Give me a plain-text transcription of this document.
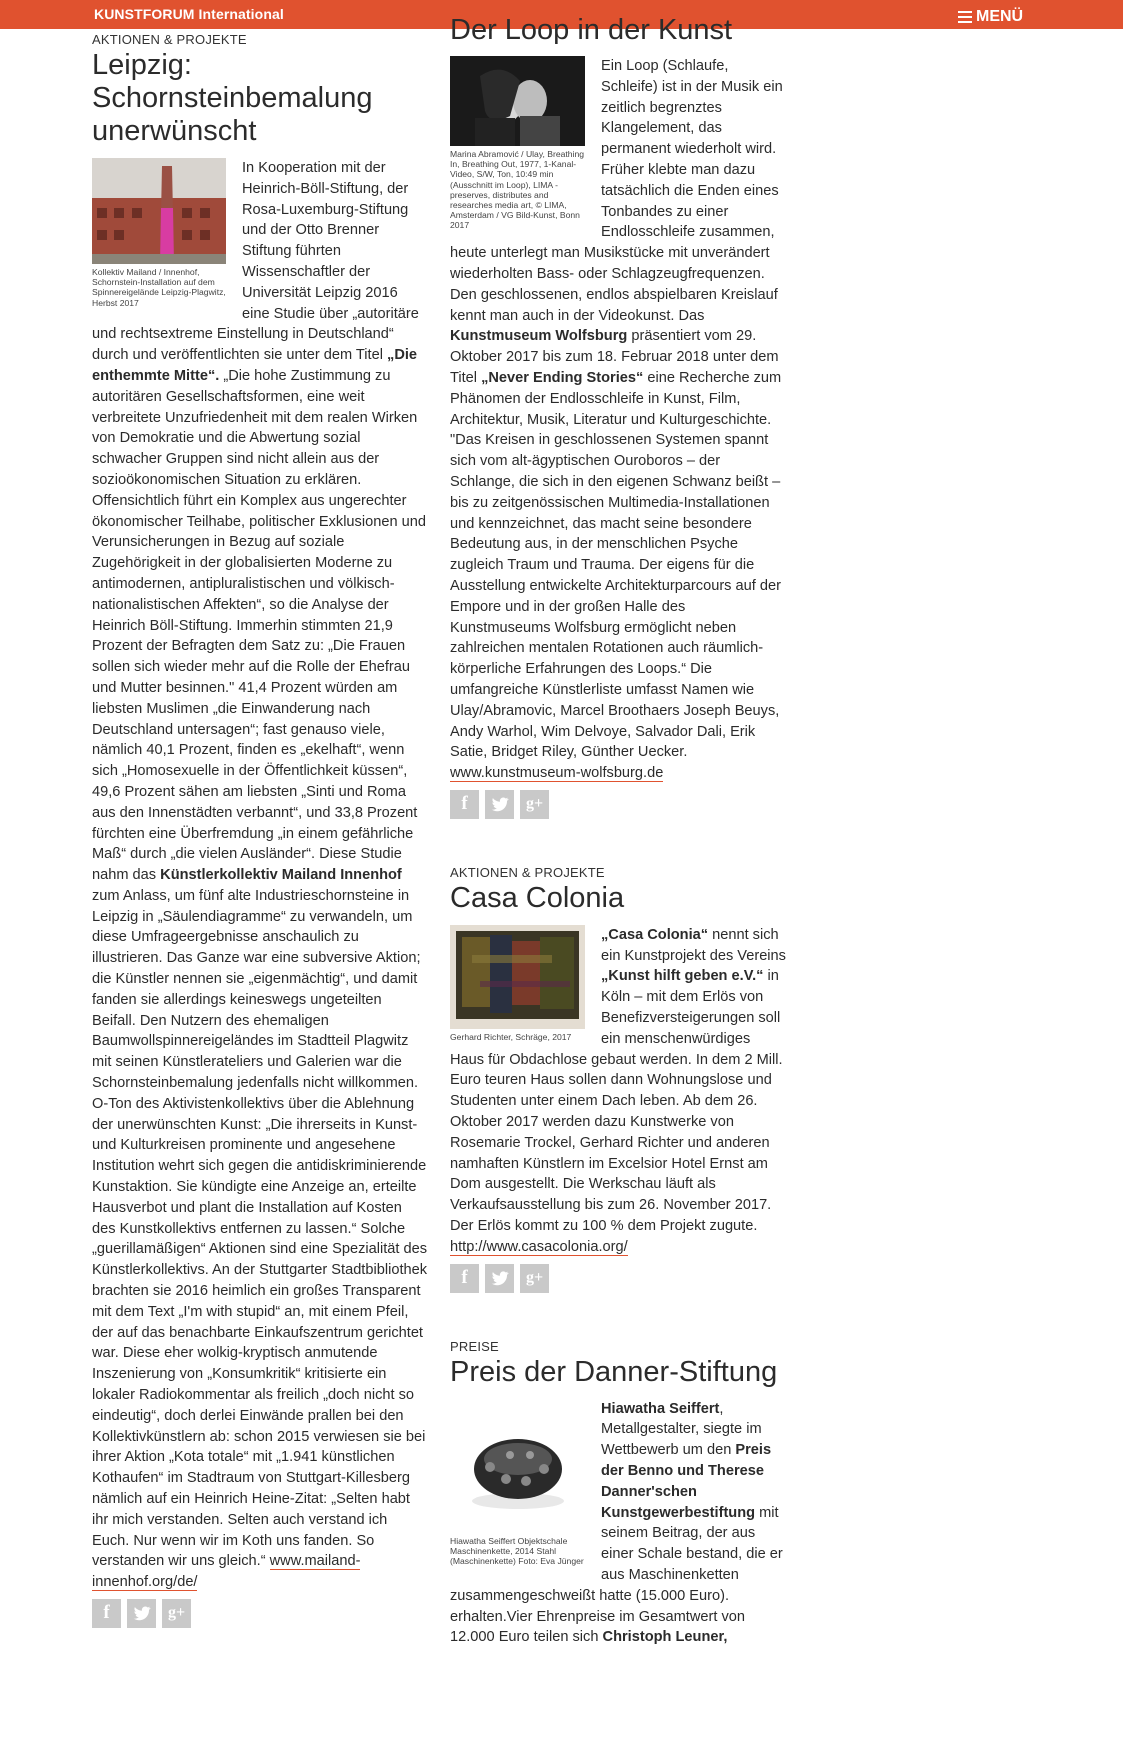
KUNSTFORUM International	MENÜ
AKTIONEN & PROJEKTE
Leipzig: Schornsteinbemalung unerwünscht
Kollektiv Mailand / Innenhof, Schornstein-Installation auf dem Spinnereigelände Leipzig-Plagwitz, Herbst 2017
In Kooperation mit der Heinrich-Böll-Stiftung, der Rosa-Luxemburg-Stiftung und der Otto Brenner Stiftung führten Wissenschaftler der Universität Leipzig 2016 eine Studie über „autoritäre und rechtsextreme Einstellung in Deutschland“ durch und veröffentlichten sie unter dem Titel „Die enthemmte Mitte“. „Die hohe Zustimmung zu autoritären Gesellschaftsformen, eine weit verbreitete Unzufriedenheit mit dem realen Wirken von Demokratie und die Abwertung sozial schwacher Gruppen sind nicht allein aus der sozioökonomischen Situation zu erklären. Offensichtlich führt ein Komplex aus ungerechter ökonomischer Teilhabe, politischer Exklusionen und Verunsicherungen in Bezug auf soziale Zugehörigkeit in der globalisierten Moderne zu antimodernen, antipluralistischen und völkisch-nationalistischen Affekten“, so die Analyse der Heinrich Böll-Stiftung. Immerhin stimmten 21,9 Prozent der Befragten dem Satz zu: „Die Frauen sollen sich wieder mehr auf die Rolle der Ehefrau und Mutter besinnen." 41,4 Prozent würden am liebsten Muslimen „die Einwanderung nach Deutschland untersagen“; fast genauso viele, nämlich 40,1 Prozent, finden es „ekelhaft“, wenn sich „Homosexuelle in der Öffentlichkeit küssen“, 49,6 Prozent sähen am liebsten „Sinti und Roma aus den Innenstädten verbannt“, und 33,8 Prozent fürchten eine Überfremdung „in einem gefährliche Maß“ durch „die vielen Ausländer“. Diese Studie nahm das Künstlerkollektiv Mailand Innenhof zum Anlass, um fünf alte Industrieschornsteine in Leipzig in „Säulendiagramme“ zu verwandeln, um diese Umfrageergebnisse anschaulich zu illustrieren. Das Ganze war eine subversive Aktion; die Künstler nennen sie „eigenmächtig“, und damit fanden sie allerdings keineswegs ungeteilten Beifall. Den Nutzern des ehemaligen Baumwollspinnereigeländes im Stadtteil Plagwitz mit seinen Künstlerateliers und Galerien war die Schornsteinbemalung jedenfalls nicht willkommen. O-Ton des Aktivistenkollektivs über die Ablehnung der unerwünschten Kunst: „Die ihrerseits in Kunst- und Kulturkreisen prominente und angesehene Institution wehrt sich gegen die antidiskriminierende Kunstaktion. Sie kündigte eine Anzeige an, erteilte Hausverbot und plant die Installation auf Kosten des Kunstkollektivs entfernen zu lassen.“ Solche „guerillamäßigen“ Aktionen sind eine Spezialität des Künstlerkollektivs. An der Stuttgarter Stadtbibliothek brachten sie 2016 heimlich ein großes Transparent mit dem Text „I'm with stupid“ an, mit einem Pfeil, der auf das benachbarte Einkaufszentrum gerichtet war. Diese eher wolkig-kryptisch anmutende Inszenierung von „Konsumkritik“ kritisierte ein lokaler Radiokommentar als freilich „doch nicht so eindeutig“, doch derlei Einwände prallen bei den Kollektivkünstlern ab: schon 2015 verwiesen sie bei ihrer Aktion „Kota totale“ mit „1.941 künstlichen Kothaufen“ im Stadtraum von Stuttgart-Killesberg nämlich auf ein Heinrich Heine-Zitat: „Selten habt ihr mich verstanden. Selten auch verstand ich Euch. Nur wenn wir im Koth uns fanden. So verstanden wir uns gleich.“ www.mailand-innenhof.org/de/
f	g+
Der Loop in der Kunst
Marina Abramović / Ulay, Breathing In, Breathing Out, 1977, 1-Kanal-Video, S/W, Ton, 10:49 min (Ausschnitt im Loop), LIMA - preserves, distributes and researches media art, © LIMA, Amsterdam / VG Bild-Kunst, Bonn 2017
Ein Loop (Schlaufe, Schleife) ist in der Musik ein zeitlich begrenztes Klangelement, das permanent wiederholt wird. Früher klebte man dazu tatsächlich die Enden eines Tonbandes zu einer Endlosschleife zusammen, heute unterlegt man Musikstücke mit unverändert wiederholten Bass- oder Schlagzeugfrequenzen. Den geschlossenen, endlos abspielbaren Kreislauf kennt man auch in der Videokunst. Das Kunstmuseum Wolfsburg präsentiert vom 29. Oktober 2017 bis zum 18. Februar 2018 unter dem Titel „Never Ending Stories“ eine Recherche zum Phänomen der Endlosschleife in Kunst, Film, Architektur, Musik, Literatur und Kulturgeschichte. "Das Kreisen in geschlossenen Systemen spannt sich vom alt-ägyptischen Ouroboros – der Schlange, die sich in den eigenen Schwanz beißt – bis zu zeitgenössischen Multimedia-Installationen und kennzeichnet, das macht seine besondere Bedeutung aus, in der menschlichen Psyche zugleich Traum und Trauma. Der eigens für die Ausstellung entwickelte Architekturparcours auf der Empore und in der großen Halle des Kunstmuseums Wolfsburg ermöglicht neben zahlreichen mentalen Rotationen auch räumlich-körperliche Erfahrungen des Loops.“ Die umfangreiche Künstlerliste umfasst Namen wie Ulay/Abramovic, Marcel Broothaers Joseph Beuys, Andy Warhol, Wim Delvoye, Salvador Dali, Erik Satie, Bridget Riley, Günther Uecker. www.kunstmuseum-wolfsburg.de
f	g+
AKTIONEN & PROJEKTE
Casa Colonia
Gerhard Richter, Schräge, 2017
„Casa Colonia“ nennt sich ein Kunstprojekt des Vereins „Kunst hilft geben e.V.“ in Köln – mit dem Erlös von Benefizversteigerungen soll ein menschenwürdiges Haus für Obdachlose gebaut werden. In dem 2 Mill. Euro teuren Haus sollen dann Wohnungslose und Studenten unter einem Dach leben. Ab dem 26. Oktober 2017 werden dazu Kunstwerke von Rosemarie Trockel, Gerhard Richter und anderen namhaften Künstlern im Excelsior Hotel Ernst am Dom ausgestellt. Die Werkschau läuft als Verkaufsausstellung bis zum 26. November 2017. Der Erlös kommt zu 100 % dem Projekt zugute. http://www.casacolonia.org/
f	g+
PREISE
Preis der Danner-Stiftung
Hiawatha Seiffert Objektschale Maschinenkette, 2014 Stahl (Maschinenkette) Foto: Eva Jünger
Hiawatha Seiffert, Metallgestalter, siegte im Wettbewerb um den Preis der Benno und Therese Danner'schen Kunstgewerbestiftung mit seinem Beitrag, der aus einer Schale bestand, die er aus Maschinenketten zusammengeschweißt hatte (15.000 Euro). erhalten.Vier Ehrenpreise im Gesamtwert von 12.000 Euro teilen sich Christoph Leuner,
